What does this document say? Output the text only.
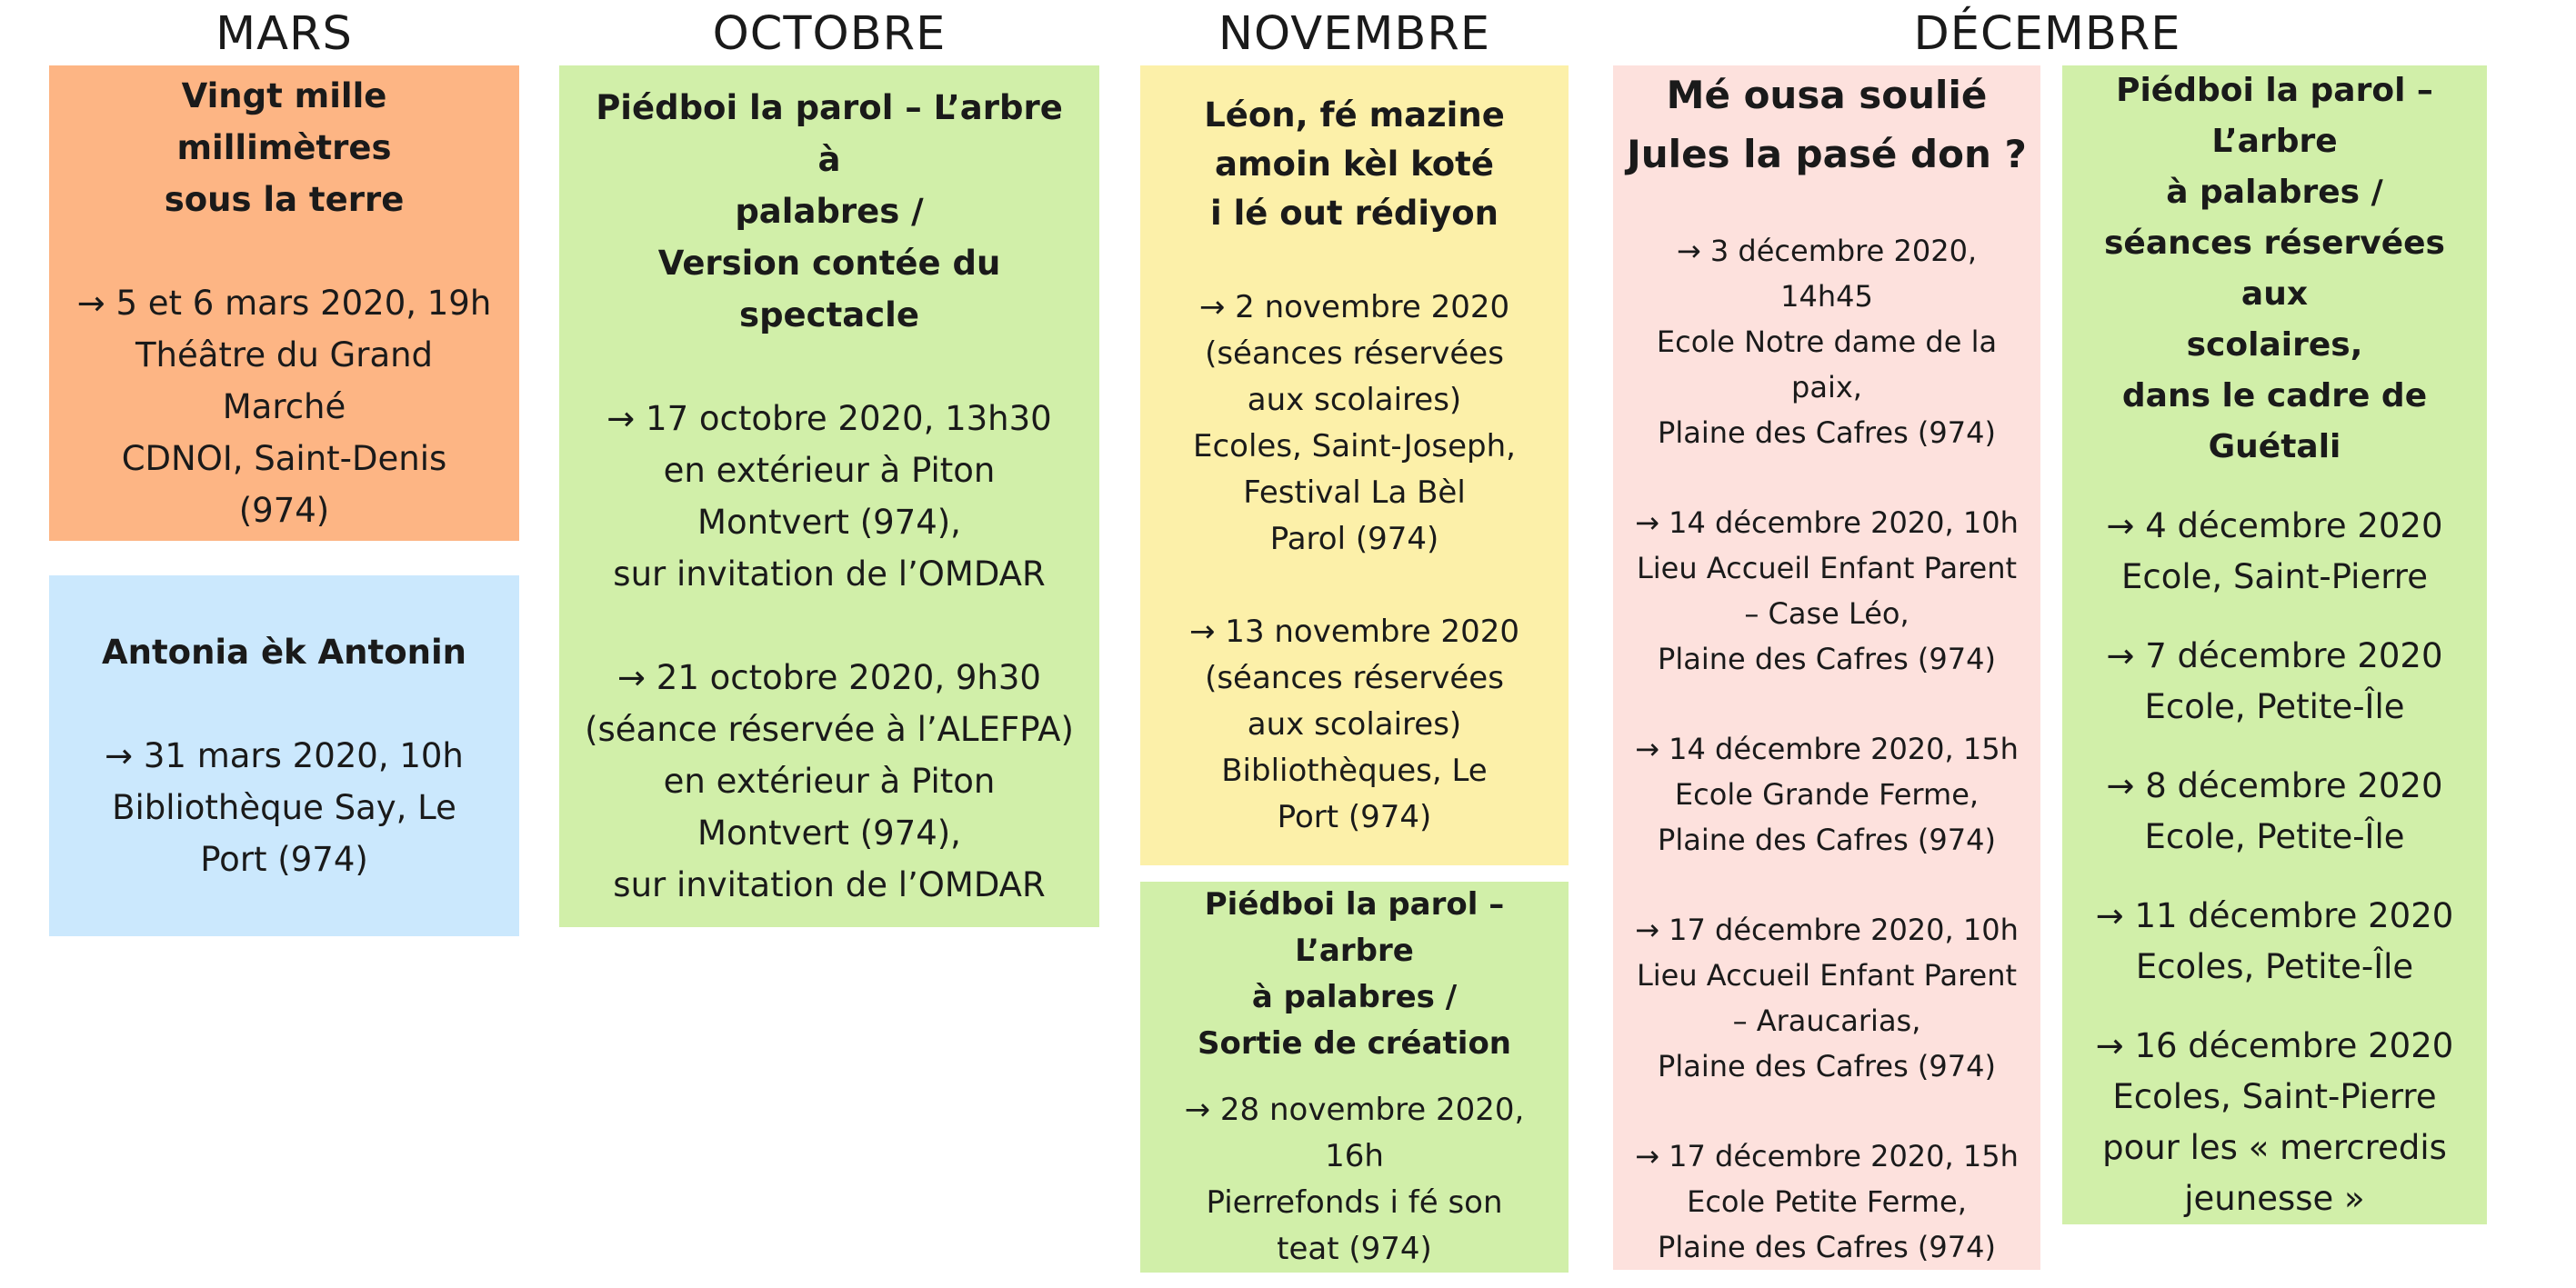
MARS	OCTOBRE	NOVEMBRE	DÉCEMBRE
Vingt mille millimètres
sous la terre
→ 5 et 6 mars 2020, 19h
Théâtre du Grand
Marché
CDNOI, Saint-Denis
(974)
Antonia èk Antonin
→ 31 mars 2020, 10h
Bibliothèque Say, Le
Port (974)
Piédboi la parol – L’arbre à
palabres /
Version contée du spectacle
→ 17 octobre 2020, 13h30
en extérieur à Piton
Montvert (974),
sur invitation de l’OMDAR
→ 21 octobre 2020, 9h30
(séance réservée à l’ALEFPA)
en extérieur à Piton
Montvert (974),
sur invitation de l’OMDAR
Léon, fé mazine
amoin kèl koté
i lé out rédiyon
→ 2 novembre 2020
(séances réservées
aux scolaires)
Ecoles, Saint-Joseph,
Festival La Bèl
Parol (974)
→ 13 novembre 2020
(séances réservées
aux scolaires)
Bibliothèques, Le
Port (974)
Piédboi la parol – L’arbre
à palabres /
Sortie de création
→ 28 novembre 2020,
16h
Pierrefonds i fé son
teat (974)
Mé ousa soulié
Jules la pasé don ?
→ 3 décembre 2020, 14h45
Ecole Notre dame de la
paix,
Plaine des Cafres (974)
→ 14 décembre 2020, 10h
Lieu Accueil Enfant Parent
– Case Léo,
Plaine des Cafres (974)
→ 14 décembre 2020, 15h
Ecole Grande Ferme,
Plaine des Cafres (974)
→ 17 décembre 2020, 10h
Lieu Accueil Enfant Parent
– Araucarias,
Plaine des Cafres (974)
→ 17 décembre 2020, 15h
Ecole Petite Ferme,
Plaine des Cafres (974)
Piédboi la parol – L’arbre
à palabres /
séances réservées aux
scolaires,
dans le cadre de Guétali
→ 4 décembre 2020
Ecole, Saint-Pierre
→ 7 décembre 2020
Ecole, Petite-Île
→ 8 décembre 2020
Ecole, Petite-Île
→ 11 décembre 2020
Ecoles, Petite-Île
→ 16 décembre 2020
Ecoles, Saint-Pierre
pour les « mercredis
jeunesse »
